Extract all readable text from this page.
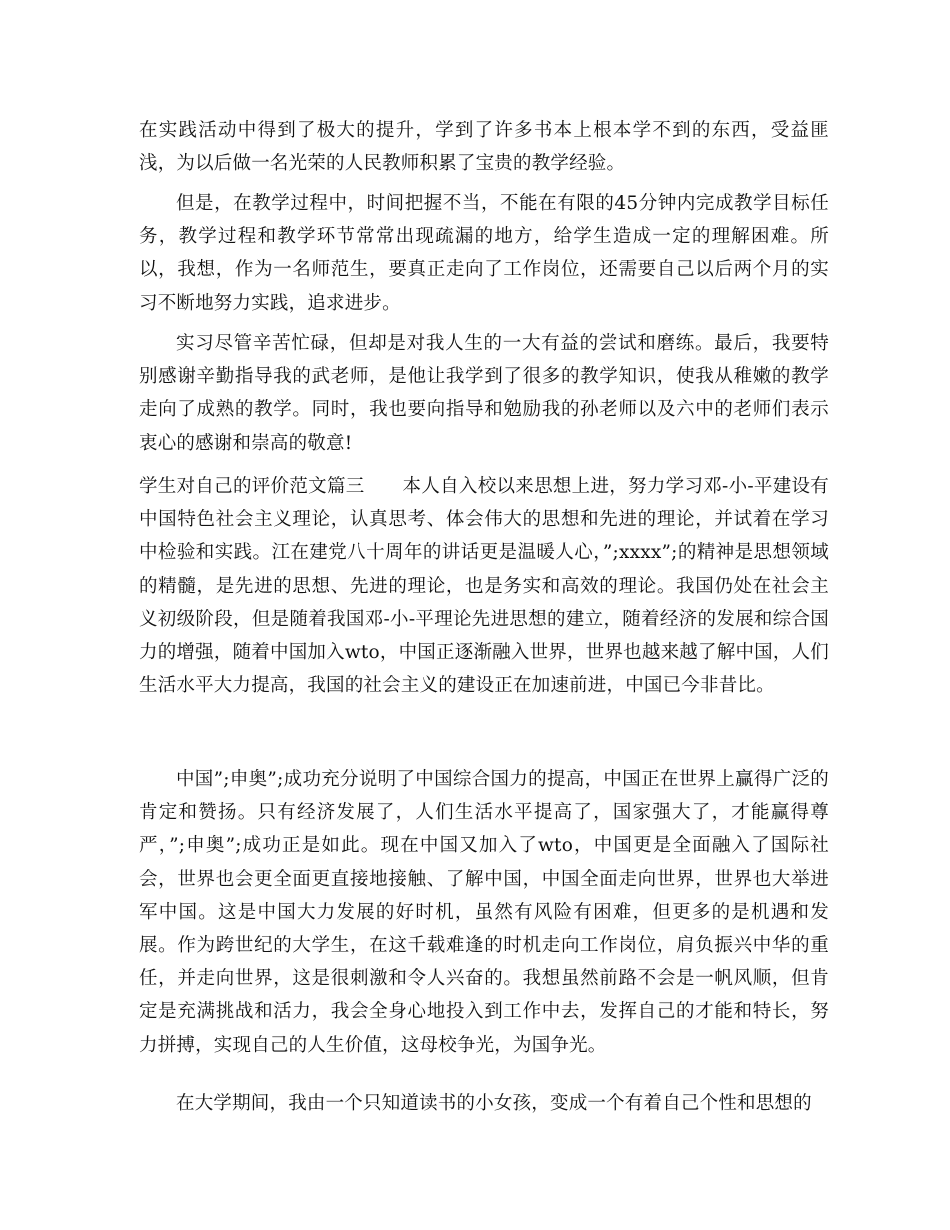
在实践活动中得到了极大的提升，学到了许多书本上根本学不到的东西，受益匪浅，为以后做一名光荣的人民教师积累了宝贵的教学经验。
但是，在教学过程中，时间把握不当，不能在有限的45分钟内完成教学目标任务，教学过程和教学环节常常出现疏漏的地方，给学生造成一定的理解困难。所以，我想，作为一名师范生，要真正走向了工作岗位，还需要自己以后两个月的实习不断地努力实践，追求进步。
实习尽管辛苦忙碌，但却是对我人生的一大有益的尝试和磨练。最后，我要特别感谢辛勤指导我的武老师，是他让我学到了很多的教学知识，使我从稚嫩的教学走向了成熟的教学。同时，我也要向指导和勉励我的孙老师以及六中的老师们表示衷心的感谢和崇高的敬意!
学生对自己的评价范文篇三 本人自入校以来思想上进，努力学习邓-小-平建设有中国特色社会主义理论，认真思考、体会伟大的思想和先进的理论，并试着在学习中检验和实践。江在建党八十周年的讲话更是温暖人心，”;xxxx”;的精神是思想领域的精髓，是先进的思想、先进的理论，也是务实和高效的理论。我国仍处在社会主义初级阶段，但是随着我国邓-小-平理论先进思想的建立，随着经济的发展和综合国力的增强，随着中国加入wto，中国正逐渐融入世界，世界也越来越了解中国，人们生活水平大力提高，我国的社会主义的建设正在加速前进，中国已今非昔比。
中国”;申奥”;成功充分说明了中国综合国力的提高，中国正在世界上赢得广泛的肯定和赞扬。只有经济发展了，人们生活水平提高了，国家强大了，才能赢得尊严，”;申奥”;成功正是如此。现在中国又加入了wto，中国更是全面融入了国际社会，世界也会更全面更直接地接触、了解中国，中国全面走向世界，世界也大举进军中国。这是中国大力发展的好时机，虽然有风险有困难，但更多的是机遇和发展。作为跨世纪的大学生，在这千载难逢的时机走向工作岗位，肩负振兴中华的重任，并走向世界，这是很刺激和令人兴奋的。我想虽然前路不会是一帆风顺，但肯定是充满挑战和活力，我会全身心地投入到工作中去，发挥自己的才能和特长，努力拼搏，实现自己的人生价值，这母校争光，为国争光。
在大学期间，我由一个只知道读书的小女孩，变成一个有着自己个性和思想的
